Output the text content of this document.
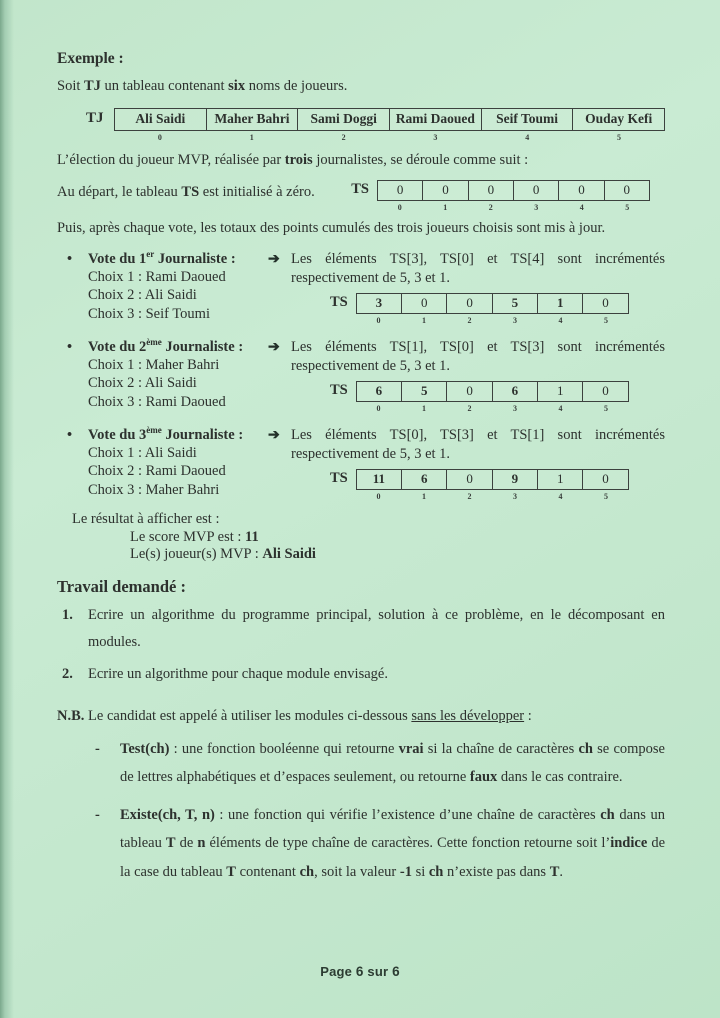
Exemple :
Soit TJ un tableau contenant six noms de joueurs.
TJ	Ali Saidi	Maher Bahri	Sami Doggi	Rami Daoued	Seif Toumi	Ouday Kefi
0	1	2	3	4	5
L’élection du joueur MVP, réalisée par trois journalistes, se déroule comme suit :
Au départ, le tableau TS est initialisé à zéro.	TS	0	0	0	0	0	0
0	1	2	3	4	5
Puis, après chaque vote, les totaux des points cumulés des trois joueurs choisis sont mis à jour.
• Vote du 1er Journaliste :
Choix 1 : Rami Daoued
Choix 2 : Ali Saidi
Choix 3 : Seif Toumi
➔ Les éléments TS[3], TS[0] et TS[4] sont incrémentés respectivement de 5, 3 et 1.
TS	3	0	0	5	1	0
0	1	2	3	4	5
• Vote du 2ème Journaliste :
Choix 1 : Maher Bahri
Choix 2 : Ali Saidi
Choix 3 : Rami Daoued
➔ Les éléments TS[1], TS[0] et TS[3] sont incrémentés respectivement de 5, 3 et 1.
TS	6	5	0	6	1	0
0	1	2	3	4	5
• Vote du 3ème Journaliste :
Choix 1 : Ali Saidi
Choix 2 : Rami Daoued
Choix 3 : Maher Bahri
➔ Les éléments TS[0], TS[3] et TS[1] sont incrémentés respectivement de 5, 3 et 1.
TS	11	6	0	9	1	0
0	1	2	3	4	5
Le résultat à afficher est :
Le score MVP est : 11
Le(s) joueur(s) MVP : Ali Saidi
Travail demandé :
1.	Ecrire un algorithme du programme principal, solution à ce problème, en le décomposant en modules.
2.	Ecrire un algorithme pour chaque module envisagé.
N.B. Le candidat est appelé à utiliser les modules ci-dessous sans les développer :
-	Test(ch) : une fonction booléenne qui retourne vrai si la chaîne de caractères ch se compose de lettres alphabétiques et d’espaces seulement, ou retourne faux dans le cas contraire.
-	Existe(ch, T, n) : une fonction qui vérifie l’existence d’une chaîne de caractères ch dans un tableau T de n éléments de type chaîne de caractères. Cette fonction retourne soit l’indice de la case du tableau T contenant ch, soit la valeur -1 si ch n’existe pas dans T.
Page 6 sur 6
